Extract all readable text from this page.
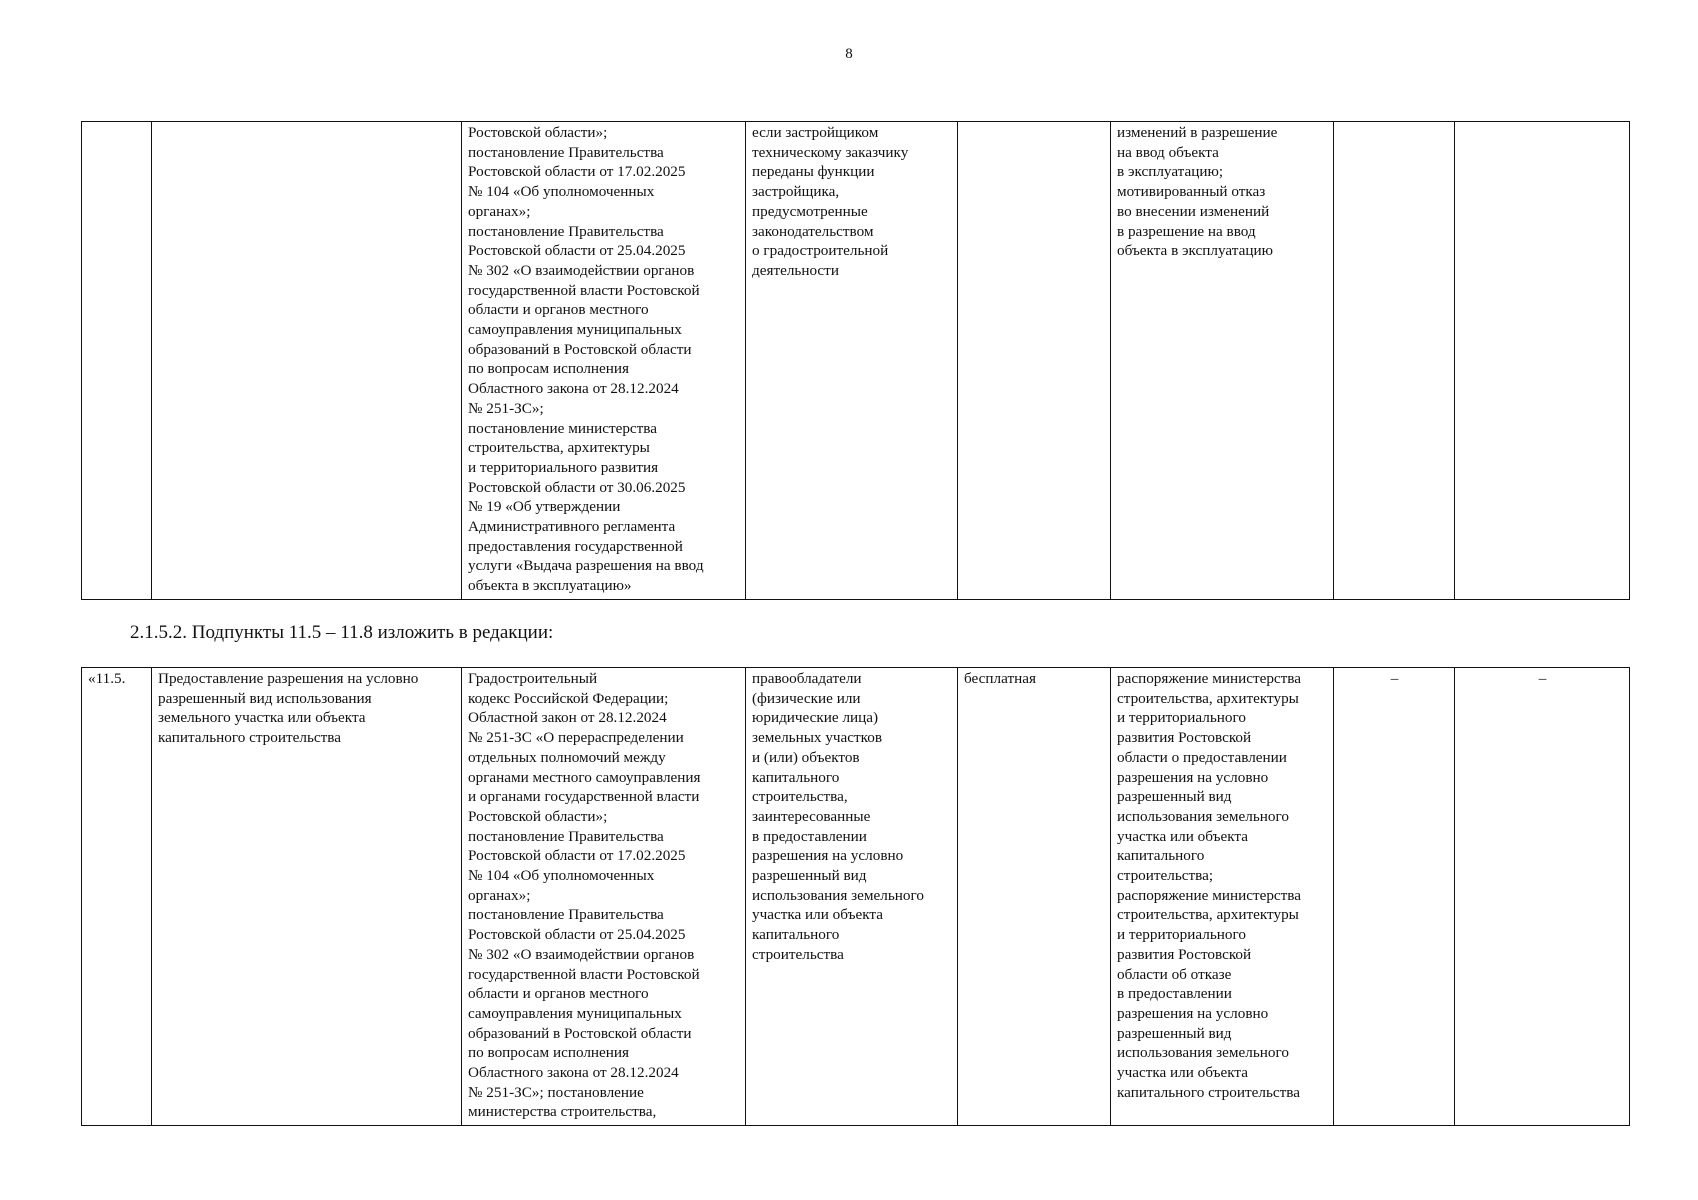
8
		Ростовской области»;
постановление Правительства
Ростовской области от 17.02.2025
№ 104 «Об уполномоченных
органах»;
постановление Правительства
Ростовской области от 25.04.2025
№ 302 «О взаимодействии органов
государственной власти Ростовской
области и органов местного
самоуправления муниципальных
образований в Ростовской области
по вопросам исполнения
Областного закона от 28.12.2024
№ 251-ЗС»;
постановление министерства
строительства, архитектуры
и территориального развития
Ростовской области от 30.06.2025
№ 19 «Об утверждении
Административного регламента
предоставления государственной
услуги «Выдача разрешения на ввод
объекта в эксплуатацию»	если застройщиком
техническому заказчику
переданы функции
застройщика,
предусмотренные
законодательством
о градостроительной
деятельности		изменений в разрешение
на ввод объекта
в эксплуатацию;
мотивированный отказ
во внесении изменений
в разрешение на ввод
объекта в эксплуатацию		
2.1.5.2. Подпункты 11.5 – 11.8 изложить в редакции:
«11.5.	Предоставление разрешения на условно
разрешенный вид использования
земельного участка или объекта
капитального строительства	Градостроительный
кодекс Российской Федерации;
Областной закон от 28.12.2024
№ 251-ЗС «О перераспределении
отдельных полномочий между
органами местного самоуправления
и органами государственной власти
Ростовской области»;
постановление Правительства
Ростовской области от 17.02.2025
№ 104 «Об уполномоченных
органах»;
постановление Правительства
Ростовской области от 25.04.2025
№ 302 «О взаимодействии органов
государственной власти Ростовской
области и органов местного
самоуправления муниципальных
образований в Ростовской области
по вопросам исполнения
Областного закона от 28.12.2024
№ 251-ЗС»; постановление
министерства строительства,	правообладатели
(физические или
юридические лица)
земельных участков
и (или) объектов
капитального
строительства,
заинтересованные
в предоставлении
разрешения на условно
разрешенный вид
использования земельного
участка или объекта
капитального
строительства	бесплатная	распоряжение министерства
строительства, архитектуры
и территориального
развития Ростовской
области о предоставлении
разрешения на условно
разрешенный вид
использования земельного
участка или объекта
капитального
строительства;
распоряжение министерства
строительства, архитектуры
и территориального
развития Ростовской
области об отказе
в предоставлении
разрешения на условно
разрешенный вид
использования земельного
участка или объекта
капитального строительства	–	–
